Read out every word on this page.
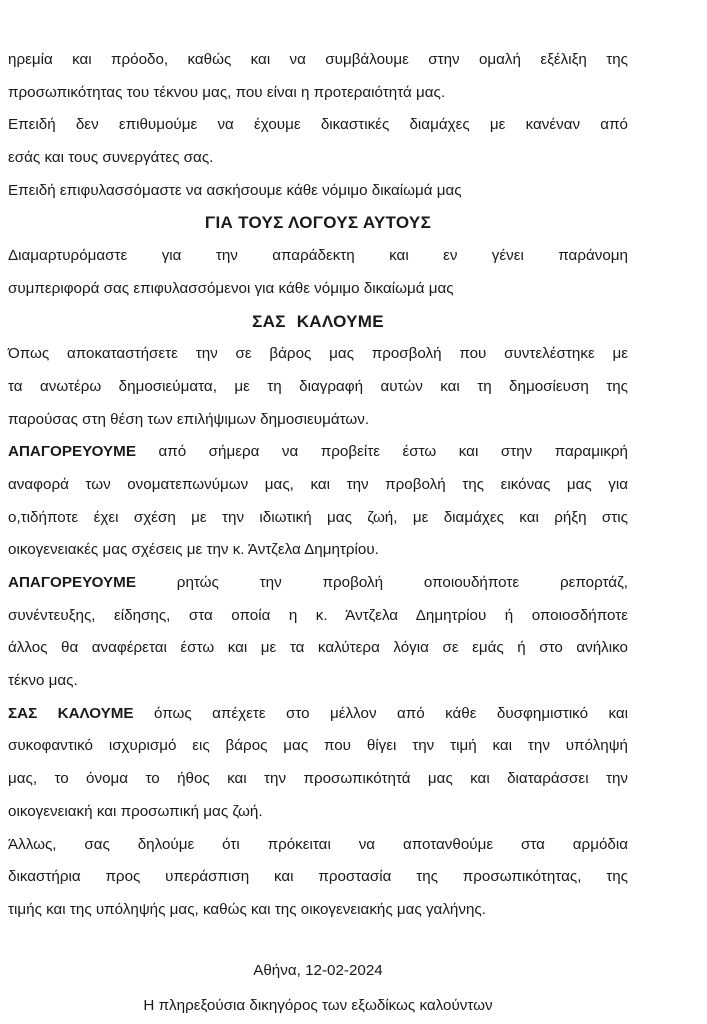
ηρεμία και πρόοδο, καθώς και να συμβάλουμε στην ομαλή εξέλιξη της
προσωπικότητας του τέκνου μας, που είναι η προτεραιότητά μας.
Επειδή δεν επιθυμούμε να έχουμε δικαστικές διαμάχες με κανέναν από
εσάς και τους συνεργάτες σας.
Επειδή επιφυλασσόμαστε να ασκήσουμε κάθε νόμιμο δικαίωμά μας
ΓΙΑ ΤΟΥΣ ΛΟΓΟΥΣ ΑΥΤΟΥΣ
Διαμαρτυρόμαστε για την απαράδεκτη και εν γένει παράνομη
συμπεριφορά σας επιφυλασσόμενοι για κάθε νόμιμο δικαίωμά μας
ΣΑΣ ΚΑΛΟΥΜΕ
Όπως αποκαταστήσετε την σε βάρος μας προσβολή που συντελέστηκε με
τα ανωτέρω δημοσιεύματα, με τη διαγραφή αυτών και τη δημοσίευση της
παρούσας στη θέση των επιλήψιμων δημοσιευμάτων.
ΑΠΑΓΟΡΕΥΟΥΜΕ από σήμερα να προβείτε έστω και στην παραμικρή
αναφορά των ονοματεπωνύμων μας, και την προβολή της εικόνας μας για
ο,τιδήποτε έχει σχέση με την ιδιωτική μας ζωή, με διαμάχες και ρήξη στις
οικογενειακές μας σχέσεις με την κ. Άντζελα Δημητρίου.
ΑΠΑΓΟΡΕΥΟΥΜΕ ρητώς την προβολή οποιουδήποτε ρεπορτάζ,
συνέντευξης, είδησης, στα οποία η κ. Άντζελα Δημητρίου ή οποιοσδήποτε
άλλος θα αναφέρεται έστω και με τα καλύτερα λόγια σε εμάς ή στο ανήλικο
τέκνο μας.
ΣΑΣ ΚΑΛΟΥΜΕ όπως απέχετε στο μέλλον από κάθε δυσφημιστικό και
συκοφαντικό ισχυρισμό εις βάρος μας που θίγει την τιμή και την υπόληψή
μας, το όνομα το ήθος και την προσωπικότητά μας και διαταράσσει την
οικογενειακή και προσωπική μας ζωή.
Άλλως, σας δηλούμε ότι πρόκειται να αποτανθούμε στα αρμόδια
δικαστήρια προς υπεράσπιση και προστασία της προσωπικότητας, της
τιμής και της υπόληψής μας, καθώς και της οικογενειακής μας γαλήνης.
Αθήνα, 12-02-2024
Η πληρεξούσια δικηγόρος των εξωδίκως καλούντων
